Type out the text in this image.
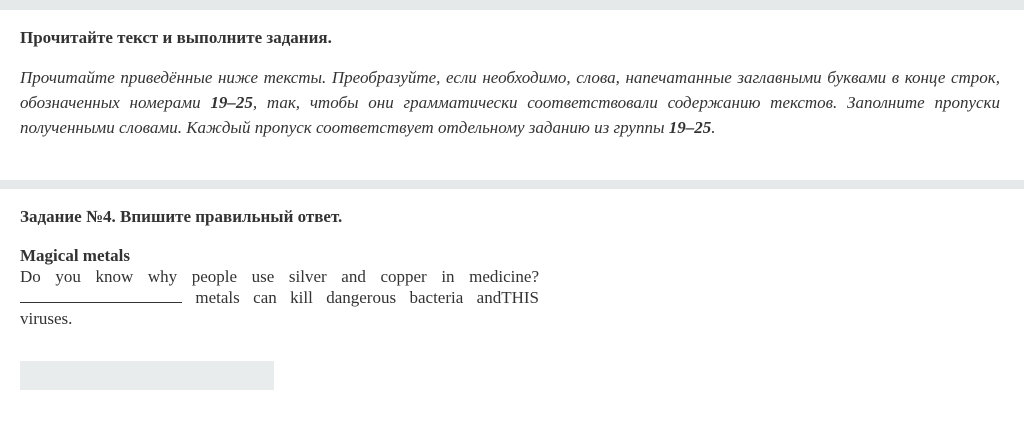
Прочитайте текст и выполните задания.
Прочитайте приведённые ниже тексты. Преобразуйте, если необходимо, слова, напечатанные заглавными буквами в конце строк, обозначенных номерами 19–25, так, чтобы они грамматически соответствовали содержанию текстов. Заполните пропуски полученными словами. Каждый пропуск соответствует отдельному заданию из группы 19–25.
Задание №4. Впишите правильный ответ.
Magical metals
Do you know why people use silver and copper in medicine?
metals can kill dangerous bacteria andTHIS
viruses.
